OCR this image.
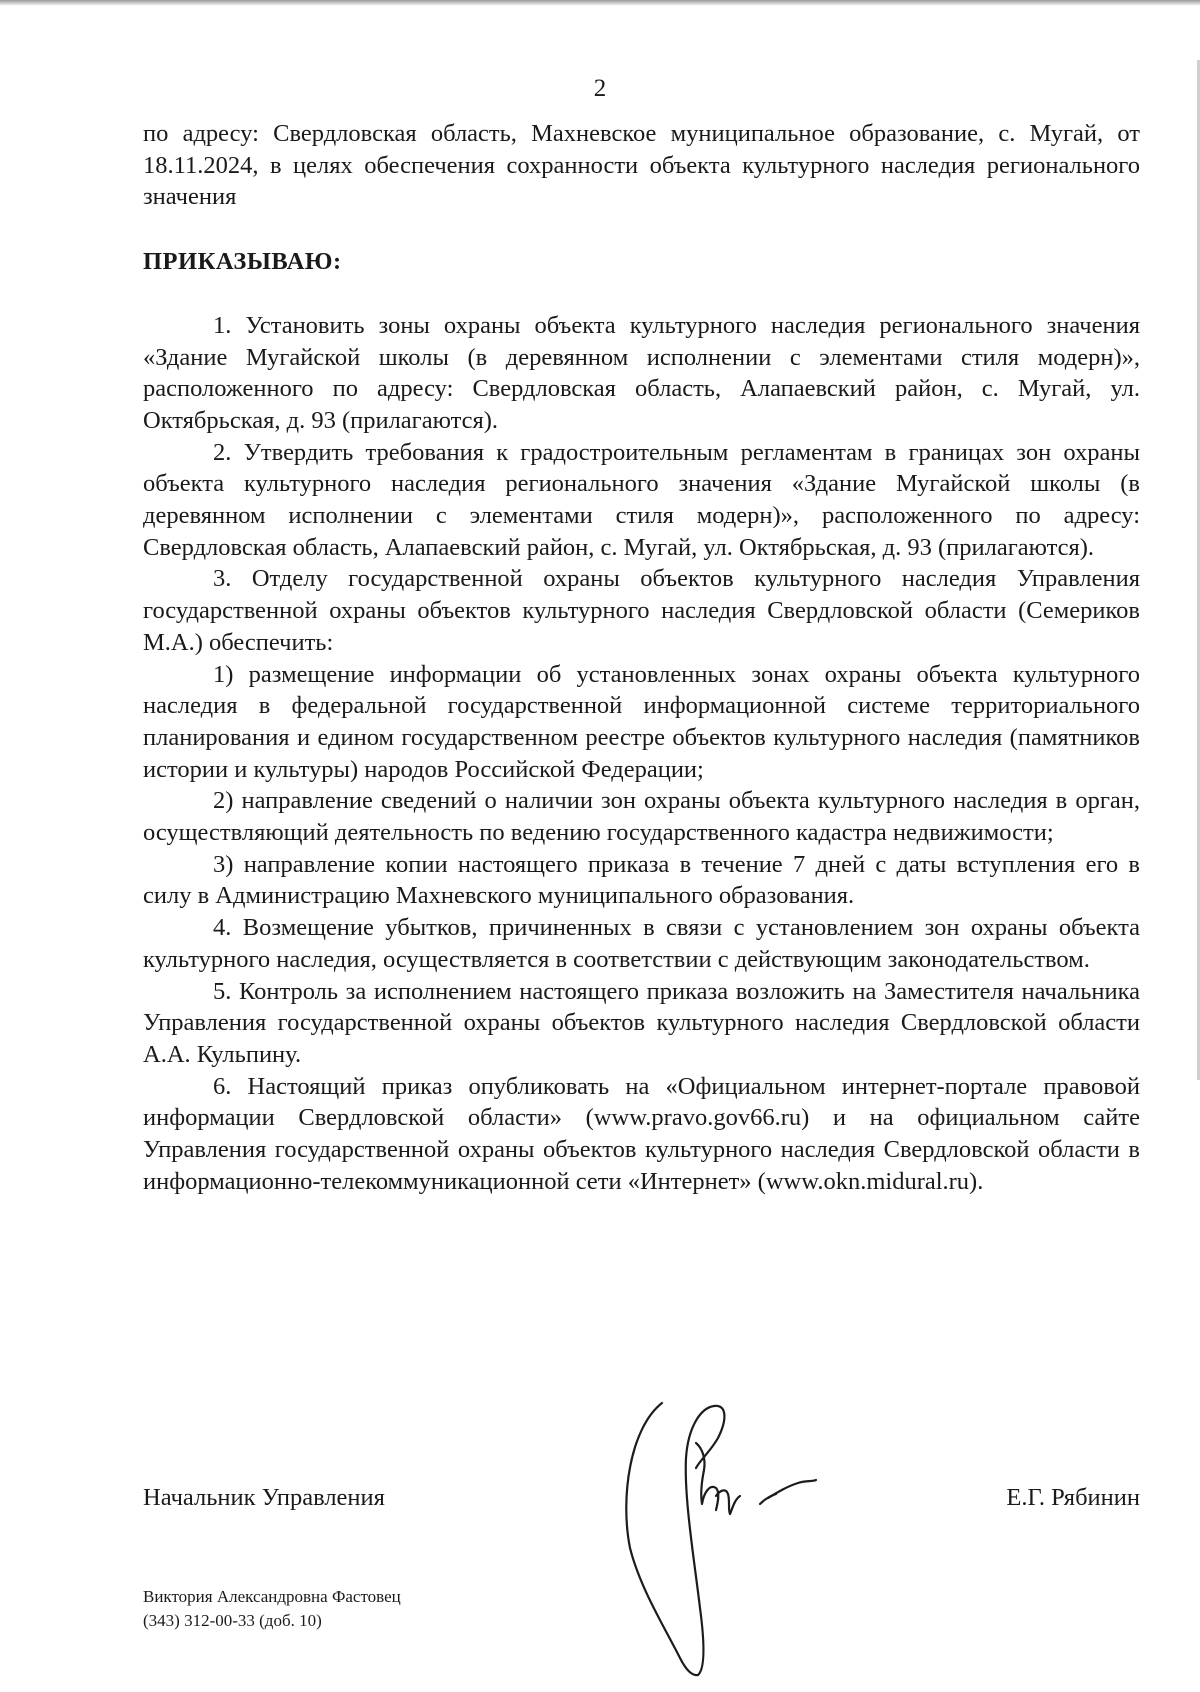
2

по адресу: Свердловская область, Махневское муниципальное образование, с. Мугай, от 18.11.2024, в целях обеспечения сохранности объекта культурного наследия регионального значения

ПРИКАЗЫВАЮ:

1. Установить зоны охраны объекта культурного наследия регионального значения «Здание Мугайской школы (в деревянном исполнении с элементами стиля модерн)», расположенного по адресу: Свердловская область, Алапаевский район, с. Мугай, ул. Октябрьская, д. 93 (прилагаются).

2. Утвердить требования к градостроительным регламентам в границах зон охраны объекта культурного наследия регионального значения «Здание Мугайской школы (в деревянном исполнении с элементами стиля модерн)», расположенного по адресу: Свердловская область, Алапаевский район, с. Мугай, ул. Октябрьская, д. 93 (прилагаются).

3. Отделу государственной охраны объектов культурного наследия Управления государственной охраны объектов культурного наследия Свердловской области (Семериков М.А.) обеспечить:

1) размещение информации об установленных зонах охраны объекта культурного наследия в федеральной государственной информационной системе территориального планирования и едином государственном реестре объектов культурного наследия (памятников истории и культуры) народов Российской Федерации;

2) направление сведений о наличии зон охраны объекта культурного наследия в орган, осуществляющий деятельность по ведению государственного кадастра недвижимости;

3) направление копии настоящего приказа в течение 7 дней с даты вступления его в силу в Администрацию Махневского муниципального образования.

4. Возмещение убытков, причиненных в связи с установлением зон охраны объекта культурного наследия, осуществляется в соответствии с действующим законодательством.

5. Контроль за исполнением настоящего приказа возложить на Заместителя начальника Управления государственной охраны объектов культурного наследия Свердловской области А.А. Кульпину.

6. Настоящий приказ опубликовать на «Официальном интернет-портале правовой информации Свердловской области» (www.pravo.gov66.ru) и на официальном сайте Управления государственной охраны объектов культурного наследия Свердловской области в информационно-телекоммуникационной сети «Интернет» (www.okn.midural.ru).

Начальник Управления	Е.Г. Рябинин
Виктория Александровна Фастовец
(343) 312-00-33 (доб. 10)
